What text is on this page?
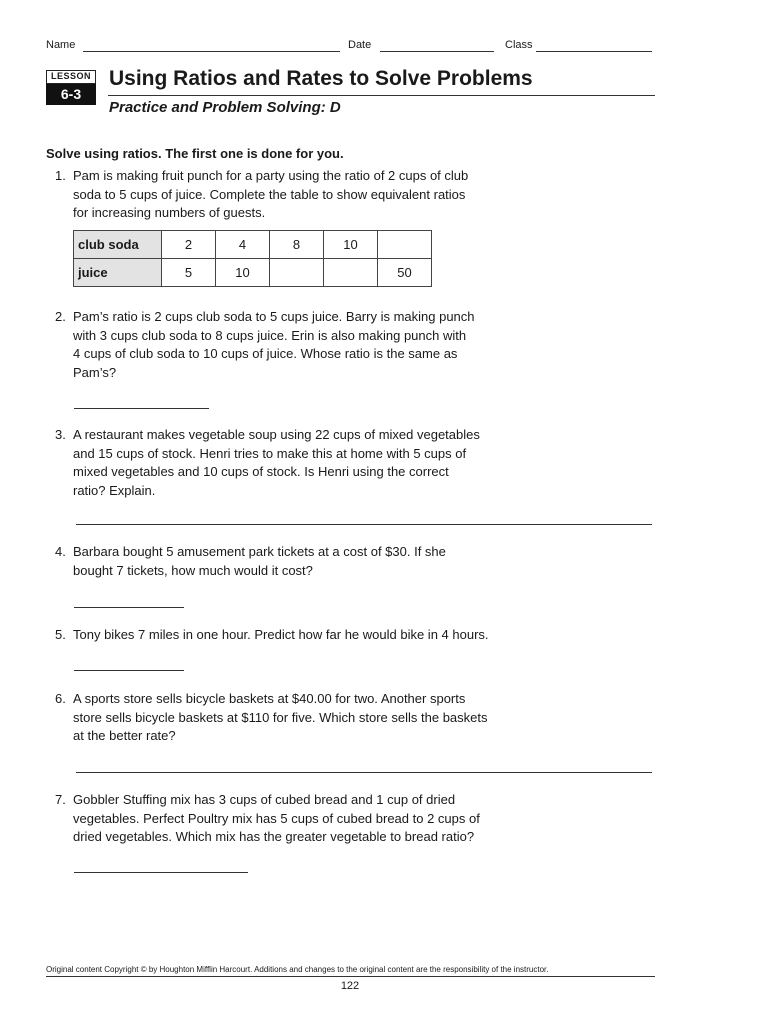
Name	Date	Class
LESSON
6-3
Using Ratios and Rates to Solve Problems
Practice and Problem Solving: D
Solve using ratios. The first one is done for you.
1. Pam is making fruit punch for a party using the ratio of 2 cups of club
soda to 5 cups of juice. Complete the table to show equivalent ratios
for increasing numbers of guests.
club soda	2	4	8	10	
juice	5	10			50
2. Pam’s ratio is 2 cups club soda to 5 cups juice. Barry is making punch
with 3 cups club soda to 8 cups juice. Erin is also making punch with
4 cups of club soda to 10 cups of juice. Whose ratio is the same as
Pam’s?
3. A restaurant makes vegetable soup using 22 cups of mixed vegetables
and 15 cups of stock. Henri tries to make this at home with 5 cups of
mixed vegetables and 10 cups of stock. Is Henri using the correct
ratio? Explain.
4. Barbara bought 5 amusement park tickets at a cost of $30. If she
bought 7 tickets, how much would it cost?
5. Tony bikes 7 miles in one hour. Predict how far he would bike in 4 hours.
6. A sports store sells bicycle baskets at $40.00 for two. Another sports
store sells bicycle baskets at $110 for five. Which store sells the baskets
at the better rate?
7. Gobbler Stuffing mix has 3 cups of cubed bread and 1 cup of dried
vegetables. Perfect Poultry mix has 5 cups of cubed bread to 2 cups of
dried vegetables. Which mix has the greater vegetable to bread ratio?
Original content Copyright © by Houghton Mifflin Harcourt. Additions and changes to the original content are the responsibility of the instructor.
122
